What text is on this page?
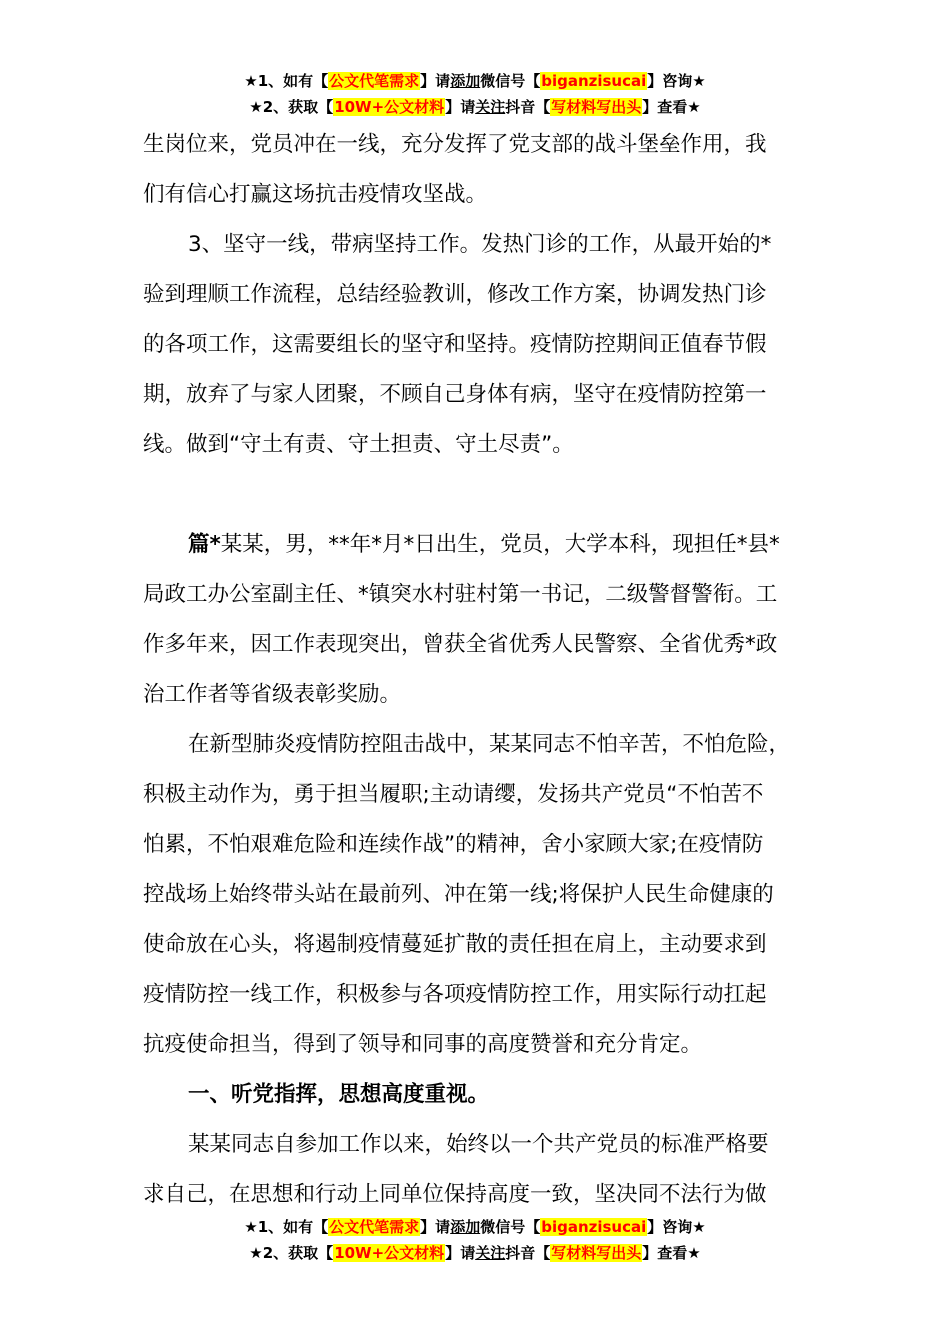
★1、如有【公文代笔需求】请添加微信号【biganzisucai】咨询★
★2、获取【10W+公文材料】请关注抖音【写材料写出头】查看★
生岗位来，党员冲在一线，充分发挥了党支部的战斗堡垒作用，我
们有信心打赢这场抗击疫情攻坚战。
3、坚守一线，带病坚持工作。发热门诊的工作，从最开始的*
验到理顺工作流程，总结经验教训，修改工作方案，协调发热门诊
的各项工作，这需要组长的坚守和坚持。疫情防控期间正值春节假
期，放弃了与家人团聚，不顾自己身体有病，坚守在疫情防控第一
线。做到“守土有责、守土担责、守土尽责”。
篇*某某，男，**年*月*日出生，党员，大学本科，现担任*县*
局政工办公室副主任、*镇突水村驻村第一书记，二级警督警衔。工
作多年来，因工作表现突出，曾获全省优秀人民警察、全省优秀*政
治工作者等省级表彰奖励。
在新型肺炎疫情防控阻击战中，某某同志不怕辛苦，不怕危险，
积极主动作为，勇于担当履职;主动请缨，发扬共产党员“不怕苦不
怕累，不怕艰难危险和连续作战”的精神，舍小家顾大家;在疫情防
控战场上始终带头站在最前列、冲在第一线;将保护人民生命健康的
使命放在心头，将遏制疫情蔓延扩散的责任担在肩上，主动要求到
疫情防控一线工作，积极参与各项疫情防控工作，用实际行动扛起
抗疫使命担当，得到了领导和同事的高度赞誉和充分肯定。
一、听党指挥，思想高度重视。
某某同志自参加工作以来，始终以一个共产党员的标准严格要
求自己，在思想和行动上同单位保持高度一致，坚决同不法行为做
★1、如有【公文代笔需求】请添加微信号【biganzisucai】咨询★
★2、获取【10W+公文材料】请关注抖音【写材料写出头】查看★
